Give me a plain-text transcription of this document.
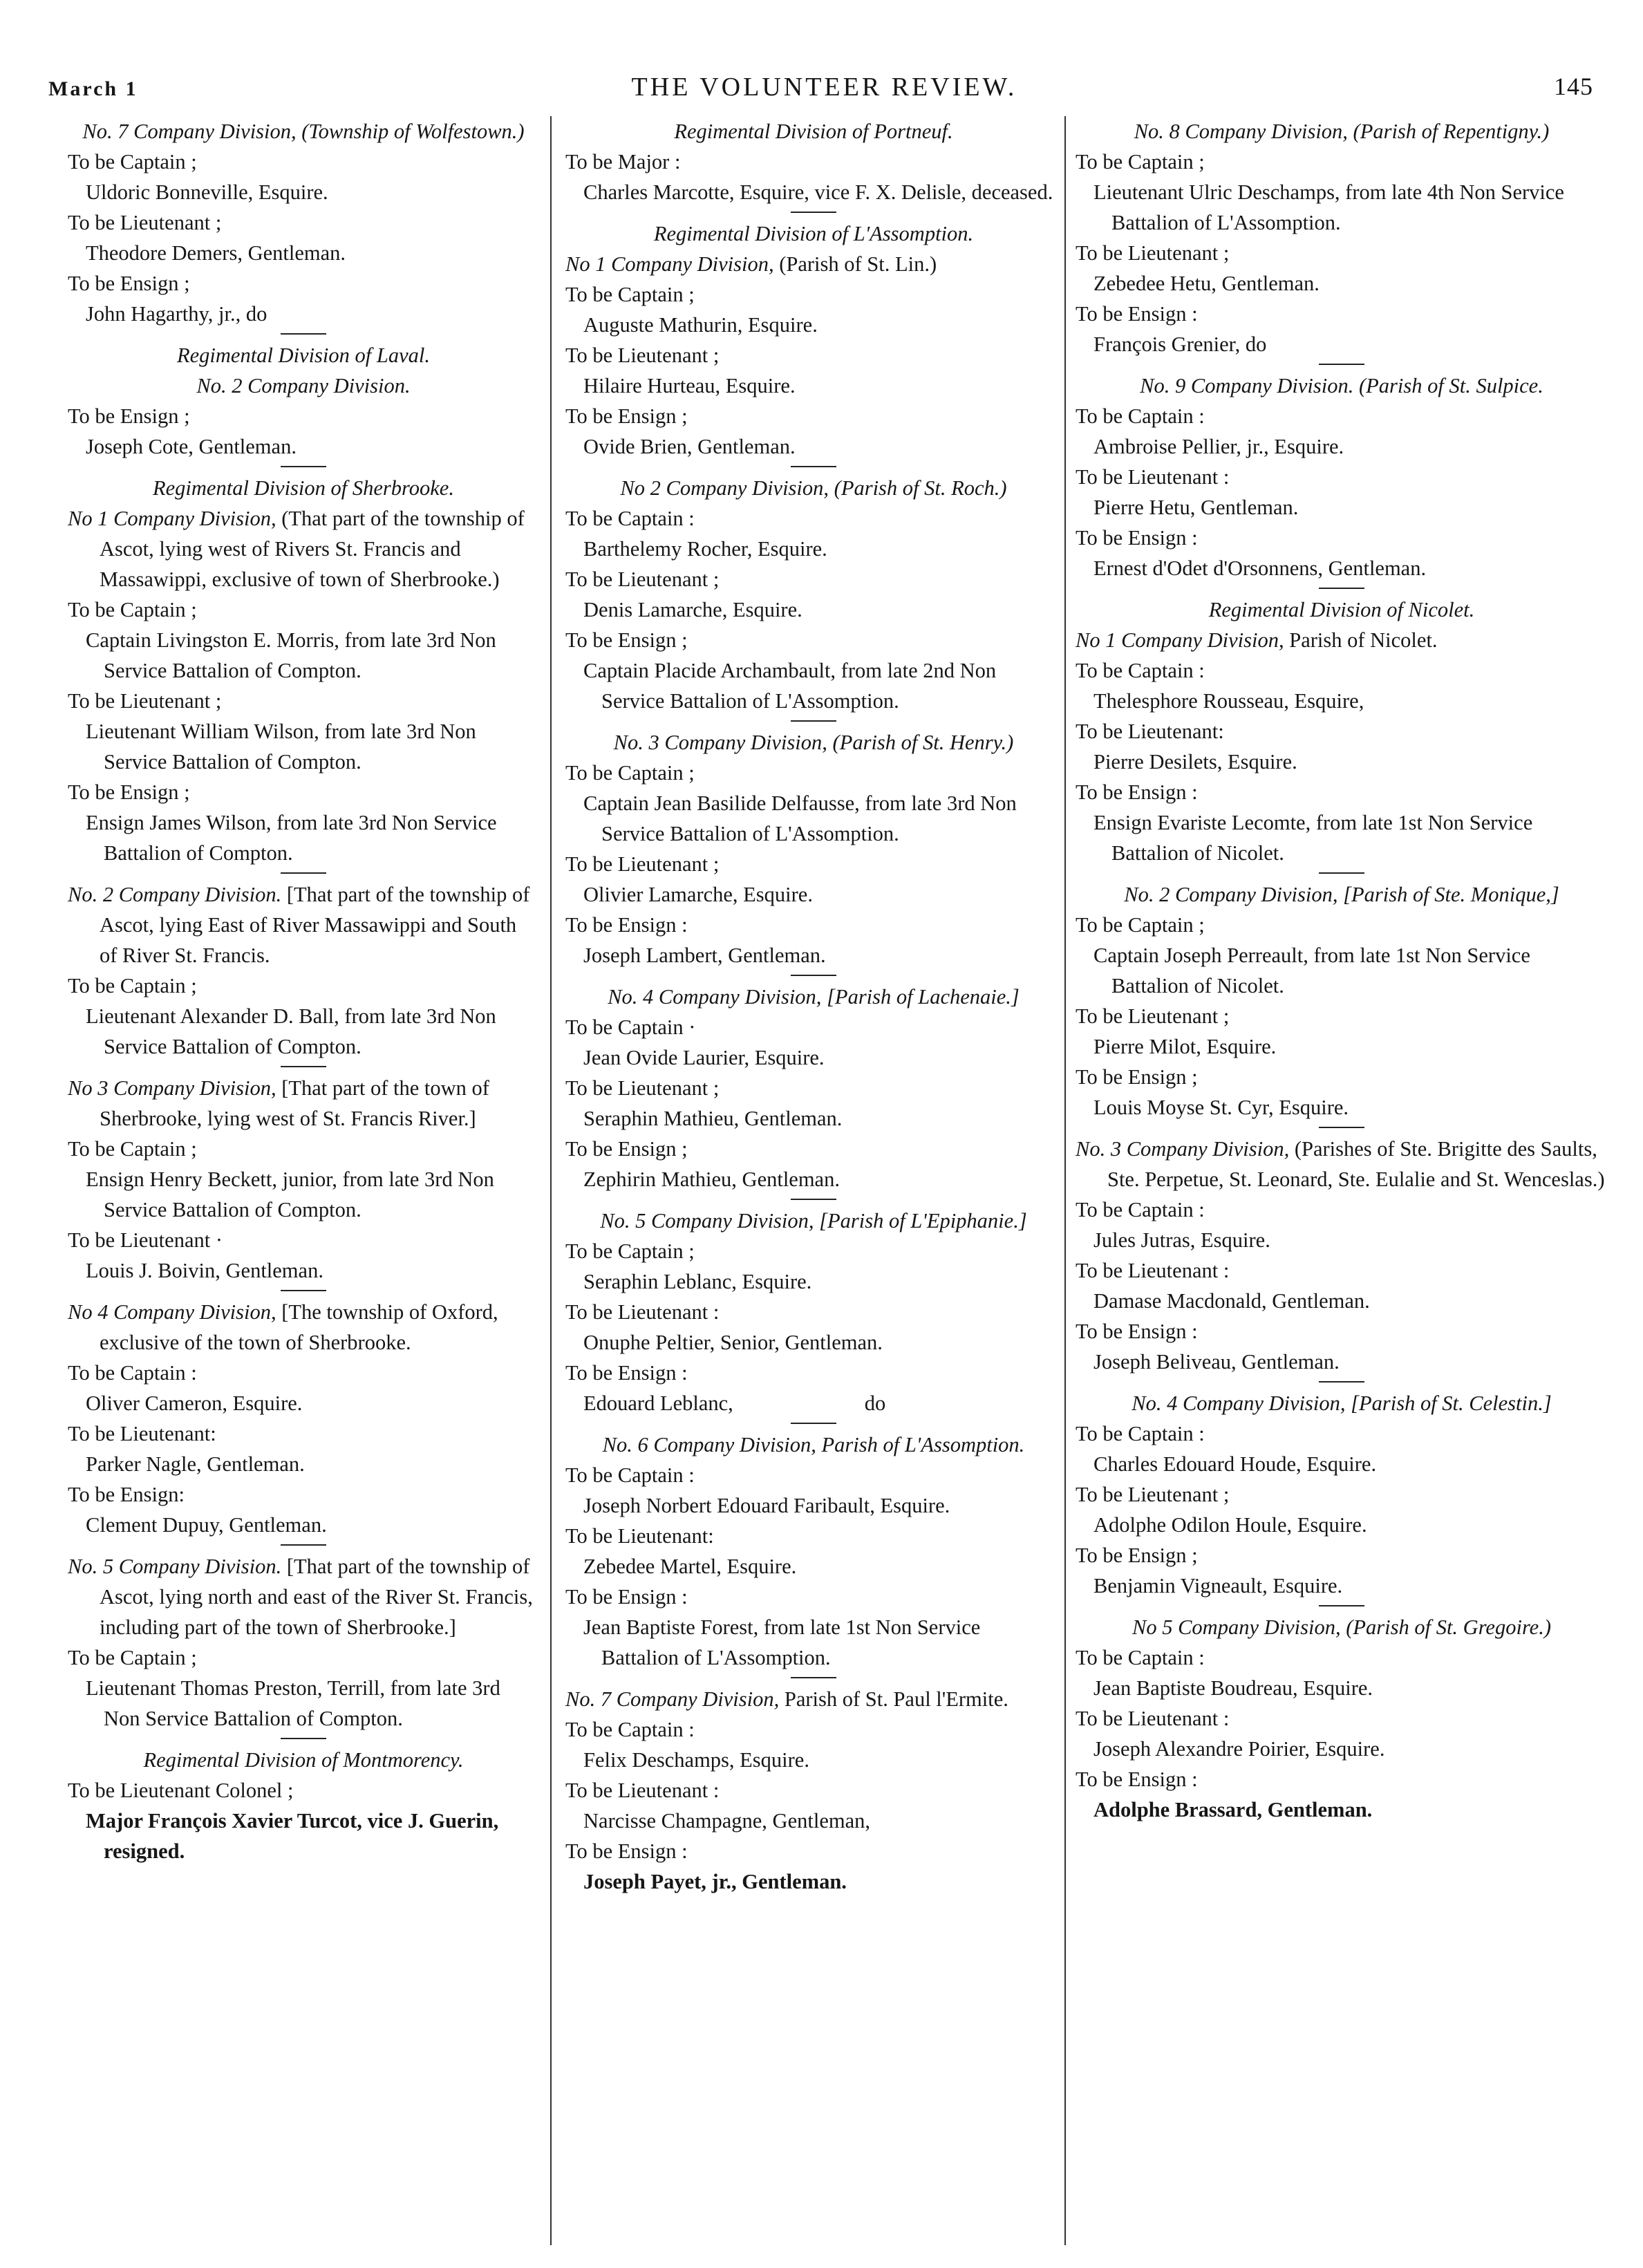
March 1	THE VOLUNTEER REVIEW.	145

No. 7 Company Division, (Township of Wolfestown.)

To be Captain ;

Uldoric Bonneville, Esquire.

To be Lieutenant ;

Theodore Demers, Gentleman.

To be Ensign ;

John Hagarthy, jr., do

Regimental Division of Laval.

No. 2 Company Division.

To be Ensign ;

Joseph Cote, Gentleman.

Regimental Division of Sherbrooke.

No 1 Company Division, (That part of the township of Ascot, lying west of Rivers St. Francis and Massawippi, exclusive of town of Sherbrooke.)

To be Captain ;

Captain Livingston E. Morris, from late 3rd Non Service Battalion of Compton.

To be Lieutenant ;

Lieutenant William Wilson, from late 3rd Non Service Battalion of Compton.

To be Ensign ;

Ensign James Wilson, from late 3rd Non Service Battalion of Compton.

No. 2 Company Division. [That part of the township of Ascot, lying East of River Massawippi and South of River St. Francis.

To be Captain ;

Lieutenant Alexander D. Ball, from late 3rd Non Service Battalion of Compton.

No 3 Company Division, [That part of the town of Sherbrooke, lying west of St. Francis River.]

To be Captain ;

Ensign Henry Beckett, junior, from late 3rd Non Service Battalion of Compton.

To be Lieutenant ·

Louis J. Boivin, Gentleman.

No 4 Company Division, [The township of Oxford, exclusive of the town of Sherbrooke.

To be Captain :

Oliver Cameron, Esquire.

To be Lieutenant:

Parker Nagle, Gentleman.

To be Ensign:

Clement Dupuy, Gentleman.

No. 5 Company Division. [That part of the township of Ascot, lying north and east of the River St. Francis, including part of the town of Sherbrooke.]

To be Captain ;

Lieutenant Thomas Preston, Terrill, from late 3rd Non Service Battalion of Compton.

Regimental Division of Montmorency.

To be Lieutenant Colonel ;

Major François Xavier Turcot, vice J. Guerin, resigned.

Regimental Division of Portneuf.

To be Major :

Charles Marcotte, Esquire, vice F. X. Delisle, deceased.

Regimental Division of L'Assomption.

No 1 Company Division, (Parish of St. Lin.)

To be Captain ;

Auguste Mathurin, Esquire.

To be Lieutenant ;

Hilaire Hurteau, Esquire.

To be Ensign ;

Ovide Brien, Gentleman.

No 2 Company Division, (Parish of St. Roch.)

To be Captain :

Barthelemy Rocher, Esquire.

To be Lieutenant ;

Denis Lamarche, Esquire.

To be Ensign ;

Captain Placide Archambault, from late 2nd Non Service Battalion of L'Assomption.

No. 3 Company Division, (Parish of St. Henry.)

To be Captain ;

Captain Jean Basilide Delfausse, from late 3rd Non Service Battalion of L'Assomption.

To be Lieutenant ;

Olivier Lamarche, Esquire.

To be Ensign :

Joseph Lambert, Gentleman.

No. 4 Company Division, [Parish of Lachenaie.]

To be Captain ·

Jean Ovide Laurier, Esquire.

To be Lieutenant ;

Seraphin Mathieu, Gentleman.

To be Ensign ;

Zephirin Mathieu, Gentleman.

No. 5 Company Division, [Parish of L'Epiphanie.]

To be Captain ;

Seraphin Leblanc, Esquire.

To be Lieutenant :

Onuphe Peltier, Senior, Gentleman.

To be Ensign :

Edouard Leblanc,	do

No. 6 Company Division, Parish of L'Assomption.

To be Captain :

Joseph Norbert Edouard Faribault, Esquire.

To be Lieutenant:

Zebedee Martel, Esquire.

To be Ensign :

Jean Baptiste Forest, from late 1st Non Service Battalion of L'Assomption.

No. 7 Company Division, Parish of St. Paul l'Ermite.

To be Captain :

Felix Deschamps, Esquire.

To be Lieutenant :

Narcisse Champagne, Gentleman,

To be Ensign :

Joseph Payet, jr., Gentleman.

No. 8 Company Division, (Parish of Repentigny.)

To be Captain ;

Lieutenant Ulric Deschamps, from late 4th Non Service Battalion of L'Assomption.

To be Lieutenant ;

Zebedee Hetu, Gentleman.

To be Ensign :

François Grenier, do

No. 9 Company Division. (Parish of St. Sulpice.

To be Captain :

Ambroise Pellier, jr., Esquire.

To be Lieutenant :

Pierre Hetu, Gentleman.

To be Ensign :

Ernest d'Odet d'Orsonnens, Gentleman.

Regimental Division of Nicolet.

No 1 Company Division, Parish of Nicolet.

To be Captain :

Thelesphore Rousseau, Esquire,

To be Lieutenant:

Pierre Desilets, Esquire.

To be Ensign :

Ensign Evariste Lecomte, from late 1st Non Service Battalion of Nicolet.

No. 2 Company Division, [Parish of Ste. Monique,]

To be Captain ;

Captain Joseph Perreault, from late 1st Non Service Battalion of Nicolet.

To be Lieutenant ;

Pierre Milot, Esquire.

To be Ensign ;

Louis Moyse St. Cyr, Esquire.

No. 3 Company Division, (Parishes of Ste. Brigitte des Saults, Ste. Perpetue, St. Leonard, Ste. Eulalie and St. Wenceslas.)

To be Captain :

Jules Jutras, Esquire.

To be Lieutenant :

Damase Macdonald, Gentleman.

To be Ensign :

Joseph Beliveau, Gentleman.

No. 4 Company Division, [Parish of St. Celestin.]

To be Captain :

Charles Edouard Houde, Esquire.

To be Lieutenant ;

Adolphe Odilon Houle, Esquire.

To be Ensign ;

Benjamin Vigneault, Esquire.

No 5 Company Division, (Parish of St. Gregoire.)

To be Captain :

Jean Baptiste Boudreau, Esquire.

To be Lieutenant :

Joseph Alexandre Poirier, Esquire.

To be Ensign :

Adolphe Brassard, Gentleman.
